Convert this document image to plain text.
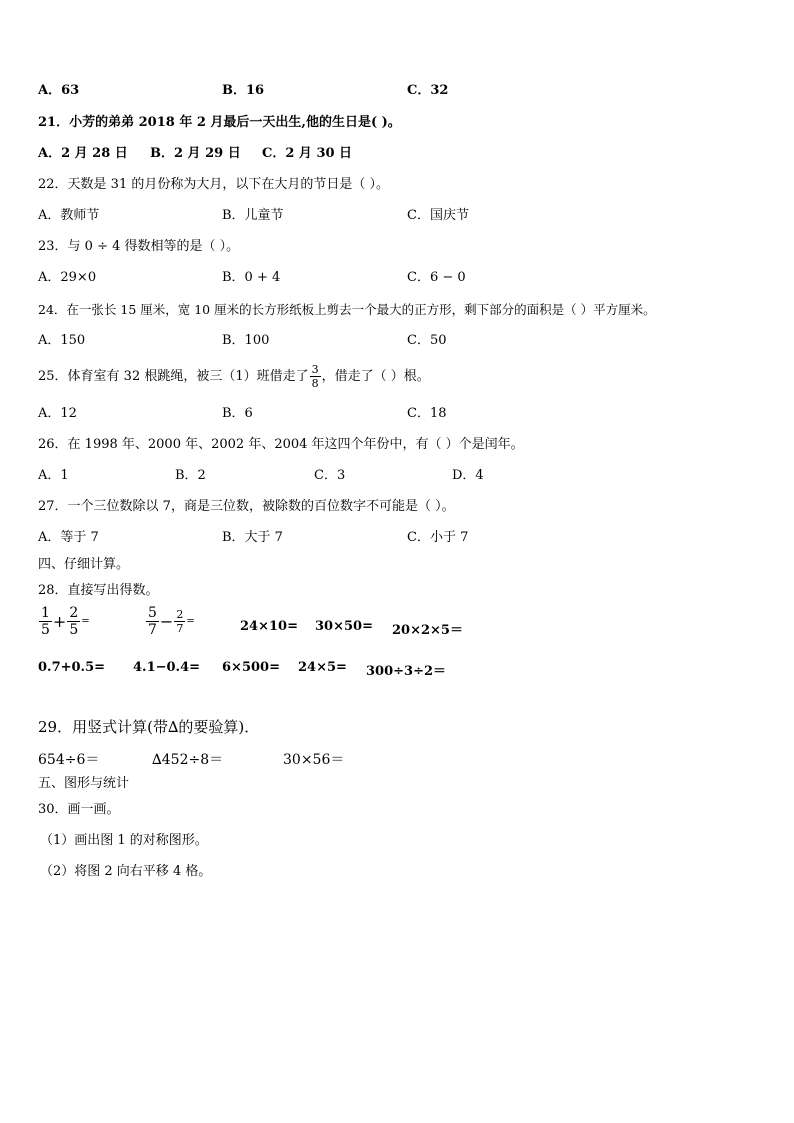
A．63	B．16	C．32
21．小芳的弟弟 2018 年 2 月最后一天出生,他的生日是( )。
A．2 月 28 日 B．2 月 29 日 C．2 月 30 日
22．天数是 31 的月份称为大月，以下在大月的节日是（ ）。
A．教师节	B．儿童节	C．国庆节
23．与 0 ÷ 4 得数相等的是（ ）。
A．29×0	B．0 + 4	C．6 − 0
24．在一张长 15 厘米，宽 10 厘米的长方形纸板上剪去一个最大的正方形，剩下部分的面积是（ ）平方厘米。
A．150	B．100	C．50
25．体育室有 32 根跳绳，被三（1）班借走了 $\frac{3}{8}$ ，借走了（ ）根。
A．12	B．6	C．18
26．在 1998 年、2000 年、2002 年、2004 年这四个年份中，有（ ）个是闰年。
A．1	B．2	C．3	D．4
27．一个三位数除以 7，商是三位数，被除数的百位数字不可能是（ ）。
A．等于 7	B．大于 7	C．小于 7
四、仔细计算。
28．直接写出得数。
$\frac{1}{5} + \frac{2}{5}$ =	$\frac{5}{7} - \frac{2}{7}$ =	24×10= 30×50= 20×2×5＝
0.7+0.5= 4.1−0.4= 6×500= 24×5= 300÷3÷2＝
29．用竖式计算(带∆的要验算)．
654÷6＝	∆452÷8＝	30×56＝
五、图形与统计
30．画一画。
（1）画出图 1 的对称图形。
（2）将图 2 向右平移 4 格。
